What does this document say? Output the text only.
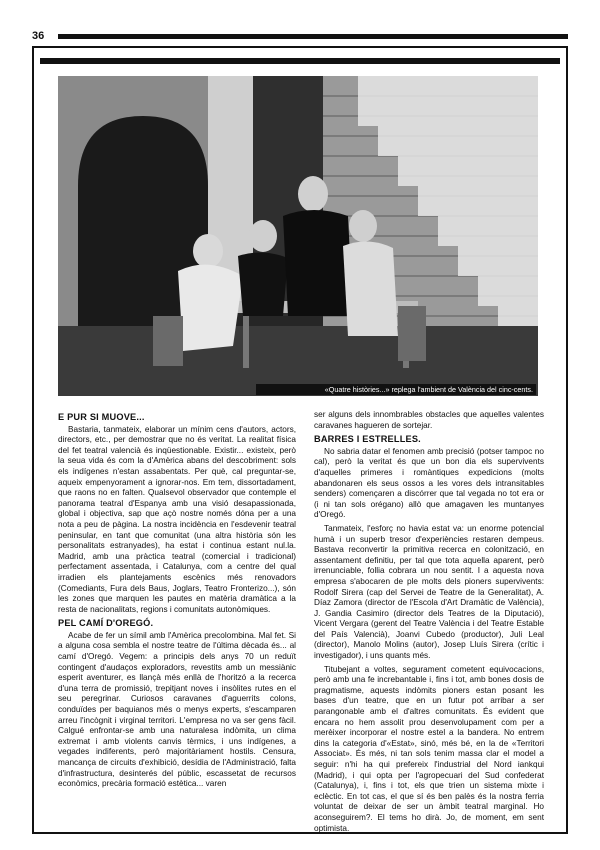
36
«Quatre històries...» replega l'ambient de València del cinc-cents.
E PUR SI MUOVE...

Bastaria, tanmateix, elaborar un mínim cens d'autors, actors, directors, etc., per demostrar que no és veritat. La realitat física del fet teatral valencià és inqüestionable. Existir... existeix, però la seua vida és com la d'Amèrica abans del descobriment: sols els indígenes n'estan assabentats. Per què, cal preguntar-se, aqueix empenyorament a ignorar-nos. Em tem, dissortadament, que raons no en falten. Qualsevol observador que contemple el panorama teatral d'Espanya amb una visió desapassionada, global i objectiva, sap que açò nostre només dóna per a una nota a peu de pàgina. La nostra incidència en l'esdevenir teatral peninsular, en tant que comunitat (una altra història són les personalitats estranyades), ha estat i continua estant nul.la. Madrid, amb una pràctica teatral (comercial i tradicional) perfectament assentada, i Catalunya, com a centre del qual irradien els plantejaments escènics més renovadors (Comediants, Fura dels Baus, Joglars, Teatro Fronterizo...), són les zones que marquen les pautes en matèria dramàtica a la resta de nacionalitats, regions i comunitats autonòmiques.

PEL CAMÍ D'OREGÓ.

Acabe de fer un símil amb l'Amèrica precolombina. Mal fet. Si a alguna cosa sembla el nostre teatre de l'última dècada és... al camí d'Oregó. Vegem: a principis dels anys 70 un reduït contingent d'audaços exploradors, revestits amb un messiànic esperit aventurer, es llançà més enllà de l'horitzó a la recerca d'una terra de promissió, trepitjant noves i insòlites rutes en el seu peregrinar. Curiosos caravanes d'aguerrits colons, conduïdes per baquianos més o menys experts, s'escamparen arreu l'incògnit i virginal territori. L'empresa no va ser gens fàcil. Calgué enfrontar-se amb una naturalesa indòmita, un clima extremat i amb violents canvis tèrmics, i uns indígenes, a vegades indiferents, però majoritàriament hostils. Censura, mancança de circuits d'exhibició, desídia de l'Administració, falta d'infrastructura, desinterés del públic, escassetat de recursos econòmics, precària formació estètica... varen

ser alguns dels innombrables obstacles que aquelles valentes caravanes hagueren de sortejar.

BARRES I ESTRELLES.

No sabria datar el fenomen amb precisió (potser tampoc no cal), però la veritat és que un bon dia els supervivents d'aquelles primeres i romàntiques expedicions (molts abandonaren els seus ossos a les vores dels intransitables senders) començaren a discórrer que tal vegada no tot era or (i ni tan sols orégano) allò que amagaven les muntanyes d'Oregó.

Tanmateix, l'esforç no havia estat va: un enorme potencial humà i un superb tresor d'experiències restaren dempeus. Bastava reconvertir la primitiva recerca en colonització, en assentament definitiu, per tal que tota aquella aparent, però irrenunciable, follia cobrara un nou sentit. I a aquesta nova empresa s'abocaren de ple molts dels pioners supervivents: Rodolf Sirera (cap del Servei de Teatre de la Generalitat), A. Díaz Zamora (director de l'Escola d'Art Dramàtic de València), J. Gandia Casimiro (director dels Teatres de la Diputació), Vicent Vergara (gerent del Teatre València i del Teatre Estable del País Valencià), Joanvi Cubedo (productor), Juli Leal (director), Manolo Molins (autor), Josep Lluís Sirera (crític i investigador), i uns quants més.

Titubejant a voltes, segurament cometent equivocacions, però amb una fe increbantable i, fins i tot, amb bones dosis de pragmatisme, aquests indòmits pioners estan posant les bases d'un teatre, que en un futur pot arribar a ser parangonable amb el d'altres comunitats. És evident que encara no hem assolit prou desenvolupament com per a merèixer incorporar el nostre estel a la bandera. No entrem dins la categoria d'«Estat», sinó, més bé, en la de «Territori Associat». És més, ni tan sols tenim massa clar el model a seguir: n'hi ha qui prefereix l'industrial del Nord iankqui (Madrid), i qui opta per l'agropecuari del Sud confederat (Catalunya), i, fins i tot, els que trien un sistema mixte i eclèctic. En tot cas, el que sí és ben palès és la nostra ferria voluntat de deixar de ser un àmbit teatral marginal. Ho aconseguirem?. El tems ho dirà. Jo, de moment, em sent optimista.
